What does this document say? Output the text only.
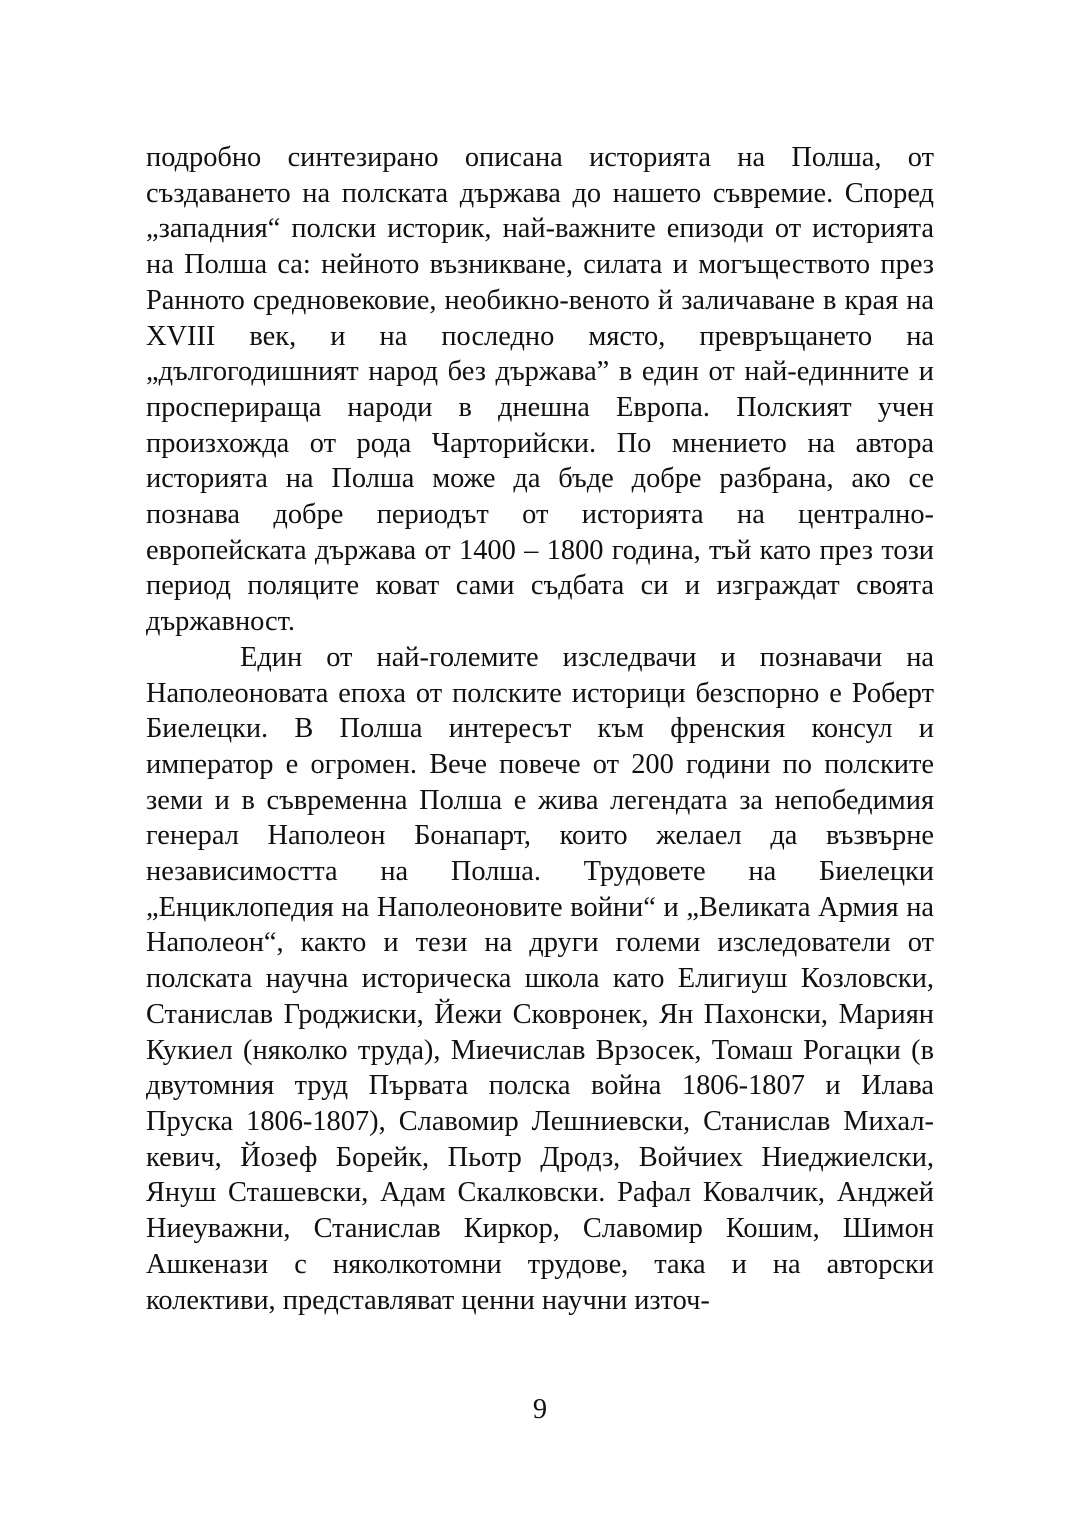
подробно синтезирано описана историята на Полша, от създаването на полската държава до нашето съвремие. Според „западния“ полски историк, най-важните епизоди от историята на Полша са: нейното възникване, силата и могъществото през Ранното средновековие, необикно-веното й заличаване в края на XVIII век, и на последно място, превръщането на „дългогодишният народ без държава” в един от най-единните и просперираща народи в днешна Европа. Полският учен произхожда от рода Чарторийски. По мнението на автора историята на Полша може да бъде добре разбрана, ако се познава добре периодът от историята на централно-европейската държава от 1400 – 1800 година, тъй като през този период поляците коват сами съдбата си и изграждат своята държавност.

Един от най-големите изследвачи и познавачи на Наполеоновата епоха от полските историци безспорно е Роберт Биелецки. В Полша интересът към френския консул и император е огромен. Вече повече от 200 години по полските земи и в съвременна Полша е жива легендата за непобедимия генерал Наполеон Бонапарт, които желаел да възвърне независимостта на Полша. Трудовете на Биелецки „Енциклопедия на Наполеоновите войни“ и „Великата Армия на Наполеон“, както и тези на други големи изследователи от полската научна историческа школа като Елигиуш Козловски, Станислав Гроджиски, Йежи Сковронек, Ян Пахонски, Мариян Кукиел (няколко труда), Миечислав Врзосек, Томаш Рогацки (в двутомния труд Първата полска война 1806-1807 и Илава Пруска 1806-1807), Славомир Лешниевски, Станислав Михал-кевич, Йозеф Борейк, Пьотр Дродз, Войчиех Ниеджиелски, Януш Сташевски, Адам Скалковски. Рафал Ковалчик, Анджей Ниеуважни, Станислав Киркор, Славомир Кошим, Шимон Ашкенази с няколкотомни трудове, така и на авторски колективи, представляват ценни научни източ-

9
